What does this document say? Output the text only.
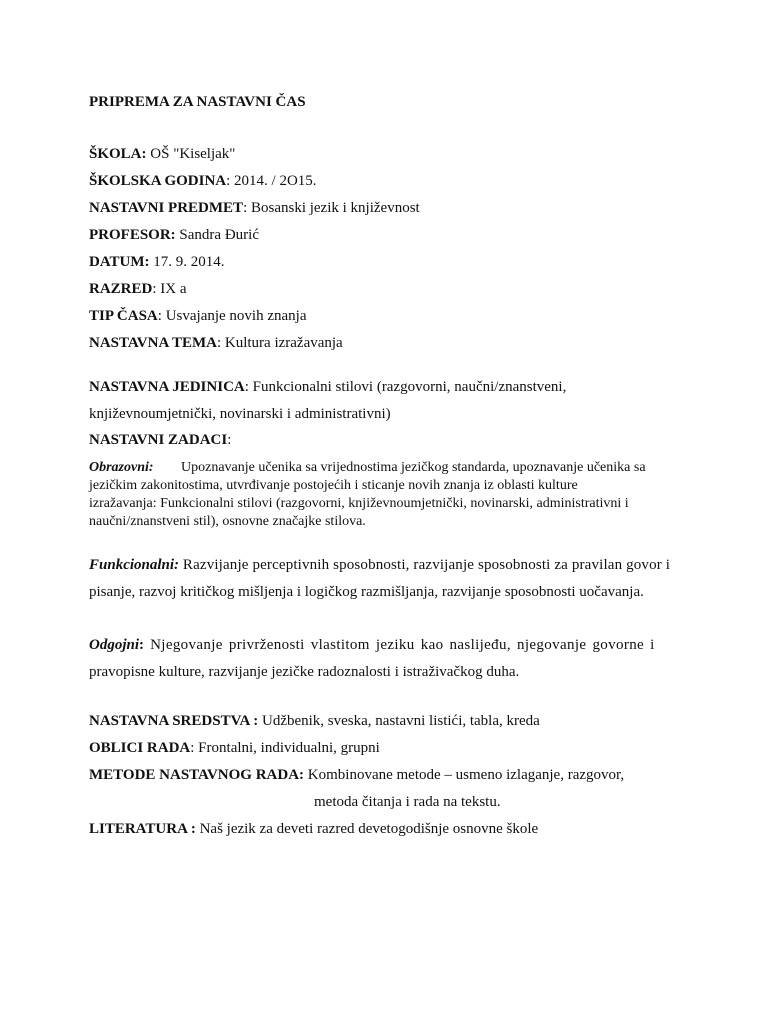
PRIPREMA ZA NASTAVNI ČAS
ŠKOLA: OŠ "Kiseljak"
ŠKOLSKA GODINA: 2014. / 2O15.
NASTAVNI PREDMET: Bosanski jezik i književnost
PROFESOR: Sandra Đurić
DATUM: 17. 9. 2014.
RAZRED: IX a
TIP ČASA: Usvajanje novih znanja
NASTAVNA TEMA: Kultura izražavanja
NASTAVNA JEDINICA: Funkcionalni stilovi (razgovorni, naučni/znanstveni,
književnoumjetnički, novinarski i administrativni)
NASTAVNI ZADACI:
Obrazovni: Upoznavanje učenika sa vrijednostima jezičkog standarda, upoznavanje učenika sa
jezičkim zakonitostima, utvrđivanje postojećih i sticanje novih znanja iz oblasti kulture
izražavanja: Funkcionalni stilovi (razgovorni, književnoumjetnički, novinarski, administrativni i
naučni/znanstveni stil), osnovne značajke stilova.
Funkcionalni: Razvijanje perceptivnih sposobnosti, razvijanje sposobnosti za pravilan govor i
pisanje, razvoj kritičkog mišljenja i logičkog razmišljanja, razvijanje sposobnosti uočavanja.
Odgojni: Njegovanje privrženosti vlastitom jeziku kao naslijeđu, njegovanje govorne i
pravopisne kulture, razvijanje jezičke radoznalosti i istraživačkog duha.
NASTAVNA SREDSTVA : Udžbenik, sveska, nastavni listići, tabla, kreda
OBLICI RADA: Frontalni, individualni, grupni
METODE NASTAVNOG RADA: Kombinovane metode – usmeno izlaganje, razgovor,
metoda čitanja i rada na tekstu.
LITERATURA : Naš jezik za deveti razred devetogodišnje osnovne škole
